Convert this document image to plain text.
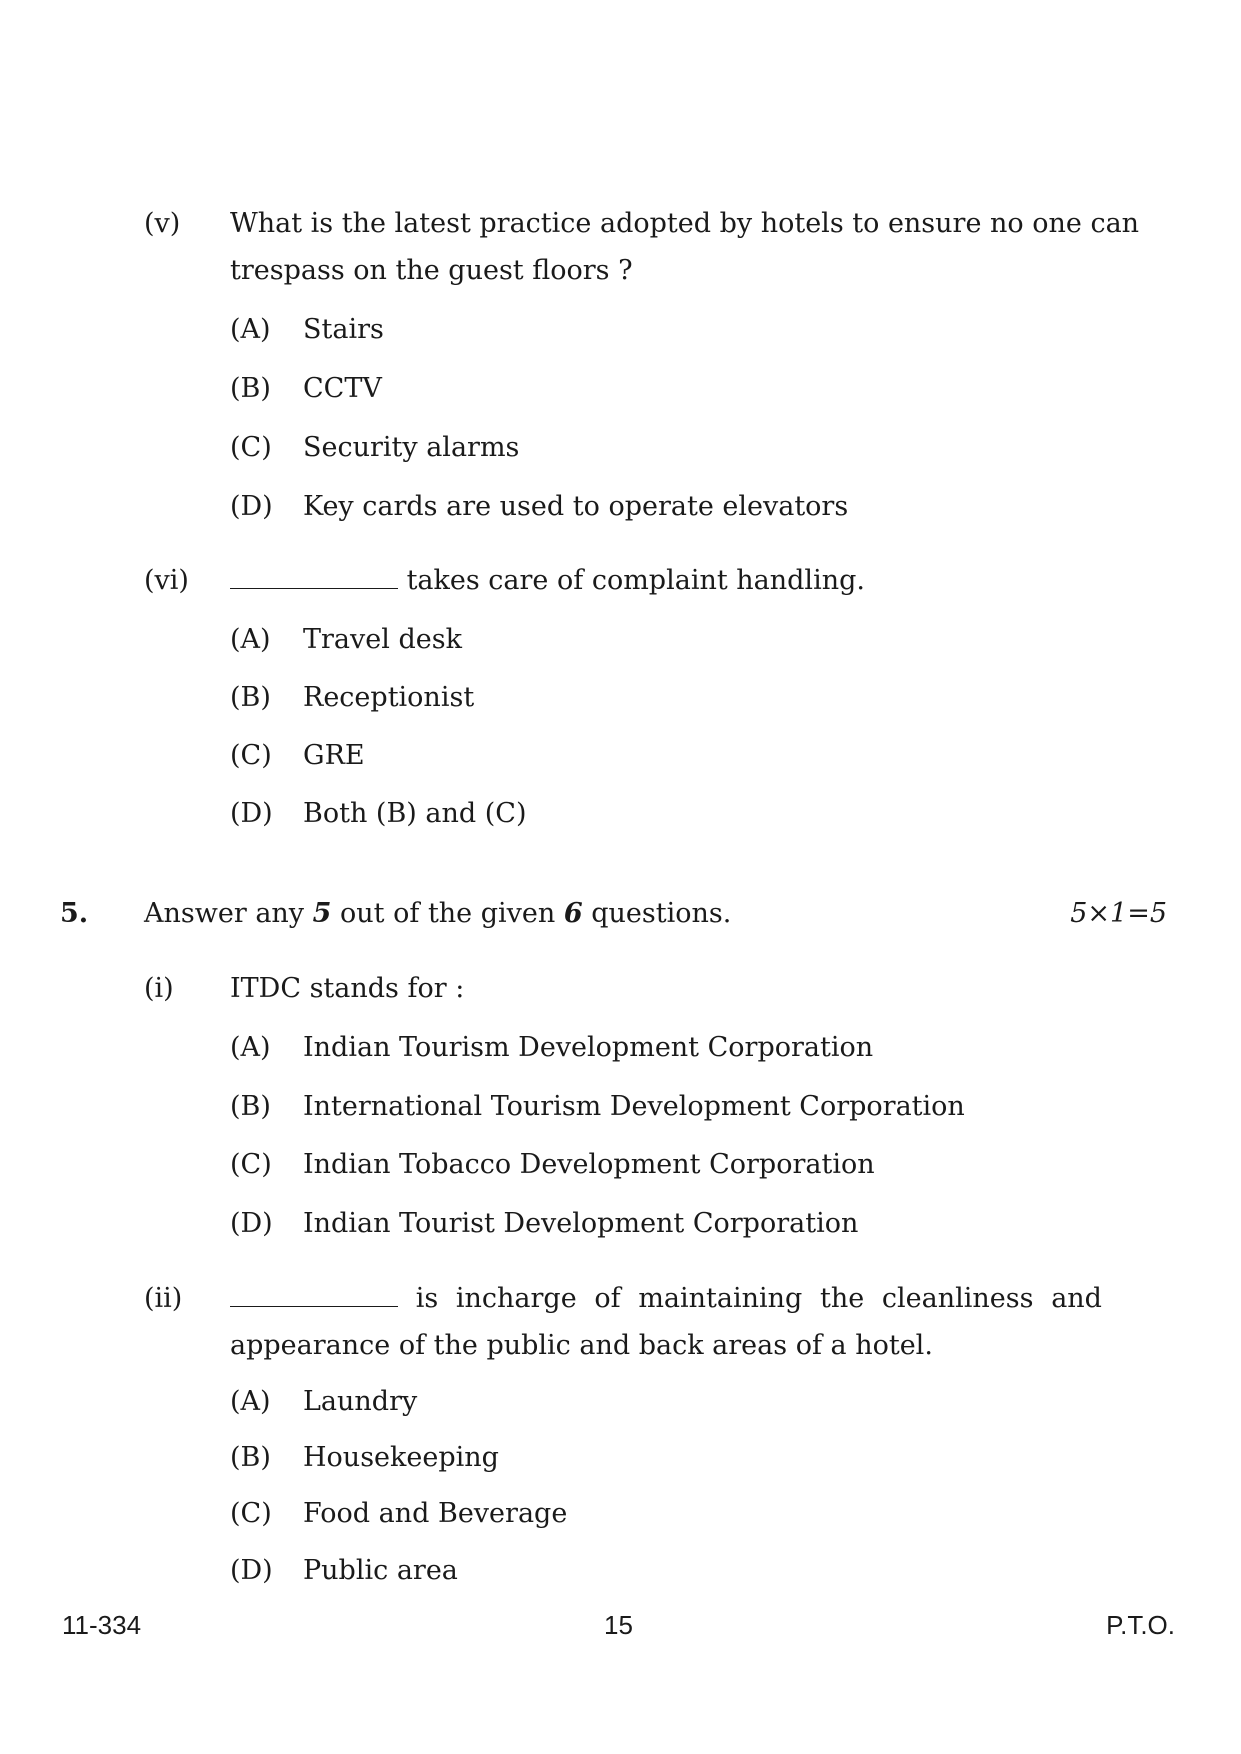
(v) What is the latest practice adopted by hotels to ensure no one can
trespass on the guest floors ?
(A) Stairs
(B) CCTV
(C) Security alarms
(D) Key cards are used to operate elevators
(vi)	takes care of complaint handling.
(A) Travel desk
(B) Receptionist
(C) GRE
(D) Both (B) and (C)
5. Answer any 5 out of the given 6 questions.	5×1=5
(i) ITDC stands for :
(A) Indian Tourism Development Corporation
(B) International Tourism Development Corporation
(C) Indian Tobacco Development Corporation
(D) Indian Tourist Development Corporation
(ii)	is incharge of maintaining the cleanliness and
appearance of the public and back areas of a hotel.
(A) Laundry
(B) Housekeeping
(C) Food and Beverage
(D) Public area
11-334	15	P.T.O.
